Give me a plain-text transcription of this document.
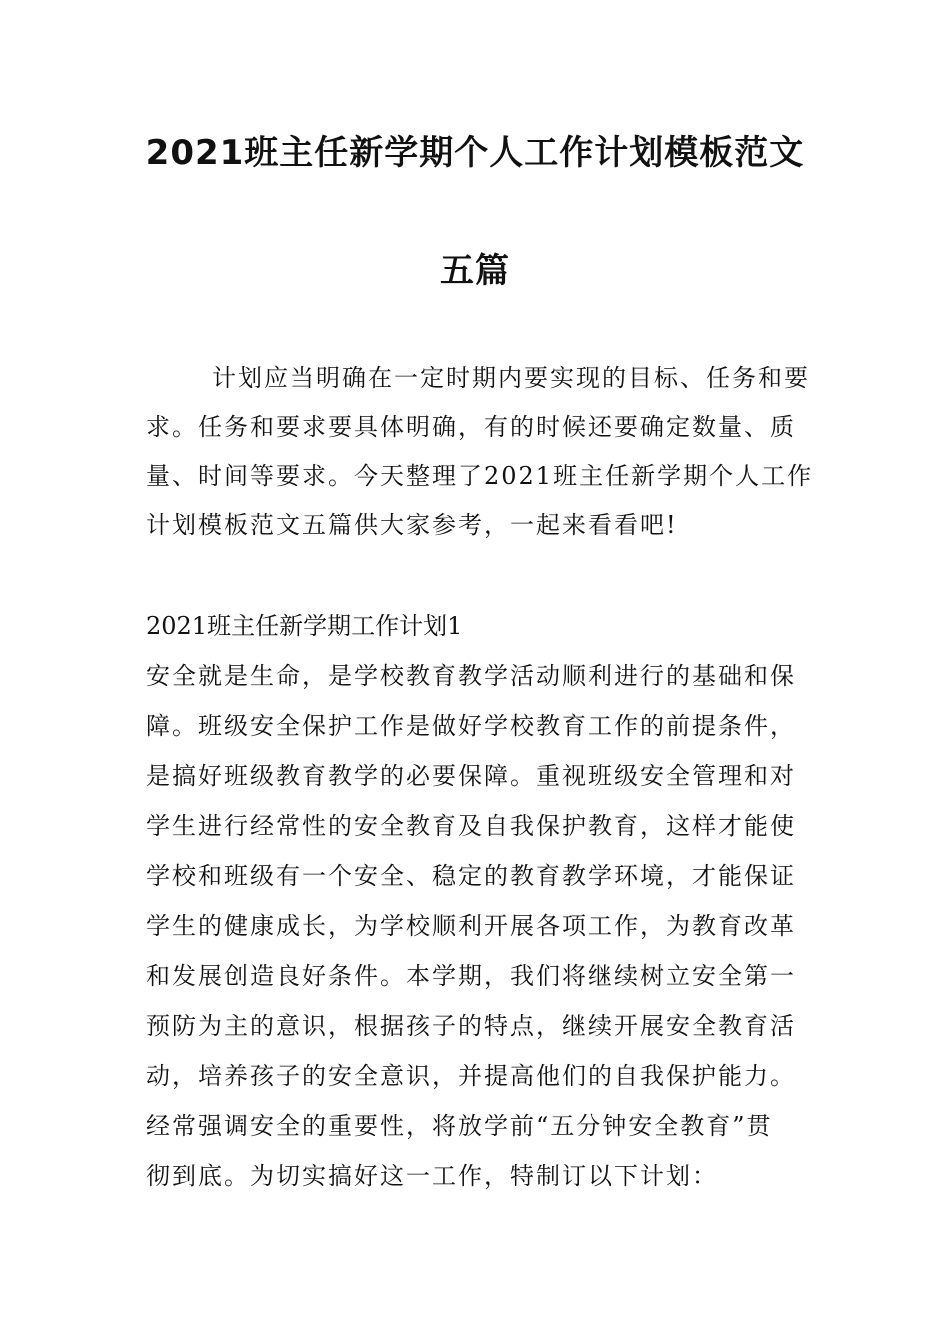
2021班主任新学期个人工作计划模板范文
五篇

计划应当明确在一定时期内要实现的目标、任务和要

求。任务和要求要具体明确，有的时候还要确定数量、质

量、时间等要求。今天整理了2021班主任新学期个人工作

计划模板范文五篇供大家参考，一起来看看吧!

2021班主任新学期工作计划1

安全就是生命，是学校教育教学活动顺利进行的基础和保

障。班级安全保护工作是做好学校教育工作的前提条件，

是搞好班级教育教学的必要保障。重视班级安全管理和对

学生进行经常性的安全教育及自我保护教育，这样才能使

学校和班级有一个安全、稳定的教育教学环境，才能保证

学生的健康成长，为学校顺利开展各项工作，为教育改革

和发展创造良好条件。本学期，我们将继续树立安全第一

预防为主的意识，根据孩子的特点，继续开展安全教育活

动，培养孩子的安全意识，并提高他们的自我保护能力。

经常强调安全的重要性，将放学前“五分钟安全教育”贯

彻到底。为切实搞好这一工作，特制订以下计划：
